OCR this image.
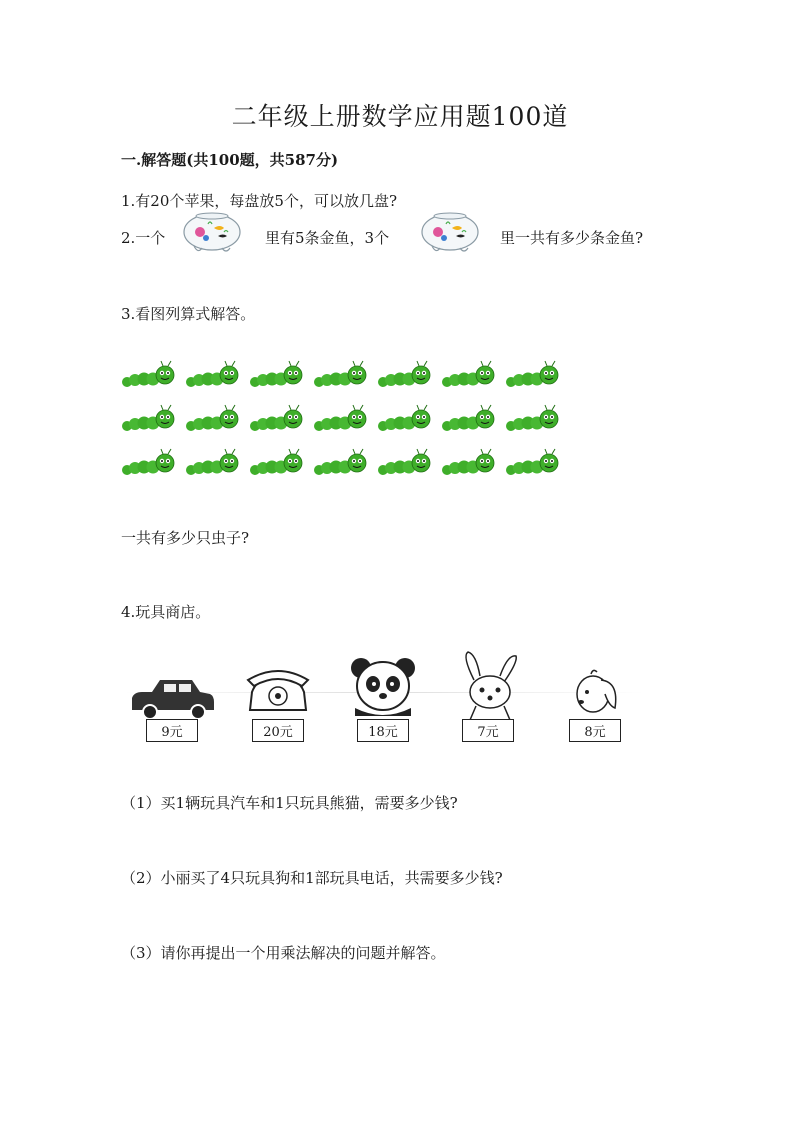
二年级上册数学应用题100道
一.解答题(共100题，共587分)
1.有20个苹果，每盘放5个，可以放几盘?
2.一个	里有5条金鱼，3个	里一共有多少条金鱼?
3.看图列算式解答。
一共有多少只虫子?
4.玩具商店。
9元	20元	18元	7元	8元
（1）买1辆玩具汽车和1只玩具熊猫，需要多少钱?
（2）小丽买了4只玩具狗和1部玩具电话，共需要多少钱?
（3）请你再提出一个用乘法解决的问题并解答。
